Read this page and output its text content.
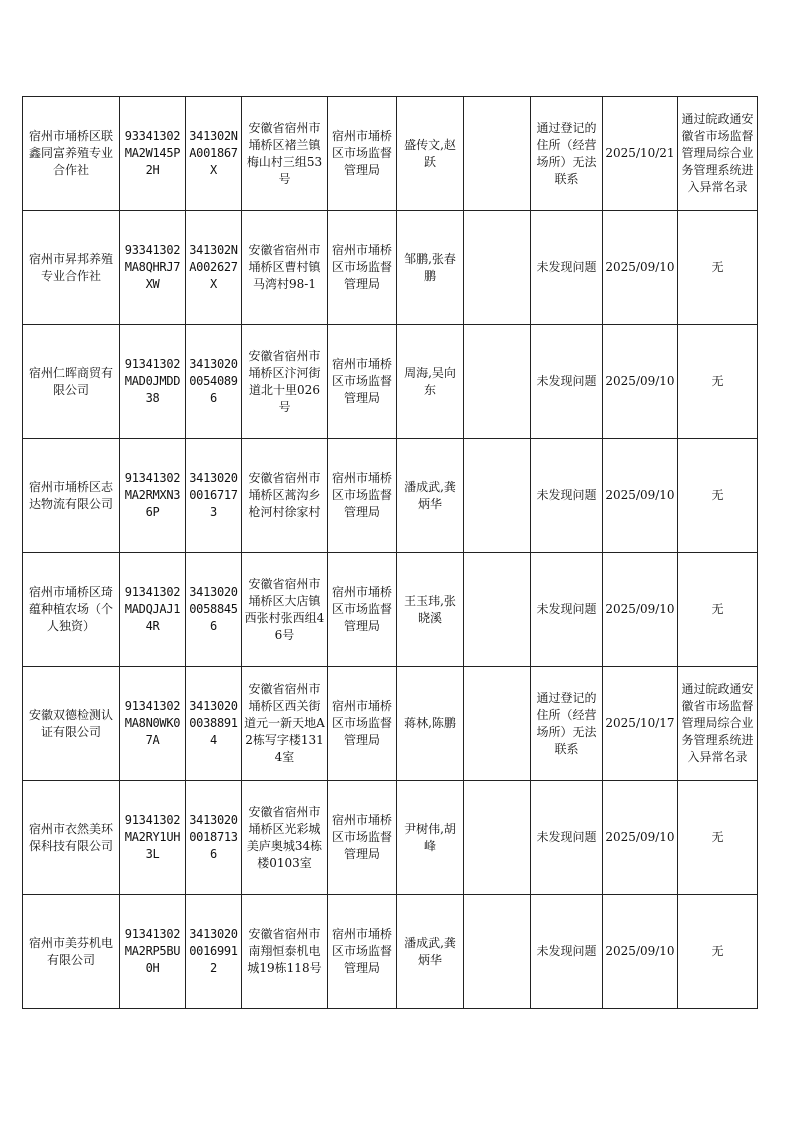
宿州市埇桥区联鑫同富养殖专业合作社	93341302MA2W145P2H	341302NA001867X	安徽省宿州市埇桥区褚兰镇梅山村三组53号	宿州市埇桥区市场监督管理局	盛传文,赵跃		通过登记的住所（经营场所）无法联系	2025/10/21	通过皖政通安徽省市场监督管理局综合业务管理系统进入异常名录
宿州市昇邦养殖专业合作社	93341302MA8QHRJ7XW	341302NA002627X	安徽省宿州市埇桥区曹村镇马湾村98-1	宿州市埇桥区市场监督管理局	邹鹏,张春鹏		未发现问题	2025/09/10	无
宿州仁晖商贸有限公司	91341302MAD0JMDD38	341302000540896	安徽省宿州市埇桥区汴河街道北十里026号	宿州市埇桥区市场监督管理局	周海,吴向东		未发现问题	2025/09/10	无
宿州市埇桥区志达物流有限公司	91341302MA2RMXN36P	341302000167173	安徽省宿州市埇桥区蒿沟乡枪河村徐家村	宿州市埇桥区市场监督管理局	潘成武,龚炳华		未发现问题	2025/09/10	无
宿州市埇桥区琦蕴种植农场（个人独资）	91341302MADQJAJ14R	341302000588456	安徽省宿州市埇桥区大店镇西张村张西组46号	宿州市埇桥区市场监督管理局	王玉玮,张晓溪		未发现问题	2025/09/10	无
安徽双德检测认证有限公司	91341302MA8N0WK07A	341302000388914	安徽省宿州市埇桥区西关街道元一新天地A2栋写字楼1314室	宿州市埇桥区市场监督管理局	蒋林,陈鹏		通过登记的住所（经营场所）无法联系	2025/10/17	通过皖政通安徽省市场监督管理局综合业务管理系统进入异常名录
宿州市衣然美环保科技有限公司	91341302MA2RY1UH3L	341302000187136	安徽省宿州市埇桥区光彩城美庐奥城34栋楼0103室	宿州市埇桥区市场监督管理局	尹树伟,胡峰		未发现问题	2025/09/10	无
宿州市美芬机电有限公司	91341302MA2RP5BU0H	341302000169912	安徽省宿州市南翔恒泰机电城19栋118号	宿州市埇桥区市场监督管理局	潘成武,龚炳华		未发现问题	2025/09/10	无
